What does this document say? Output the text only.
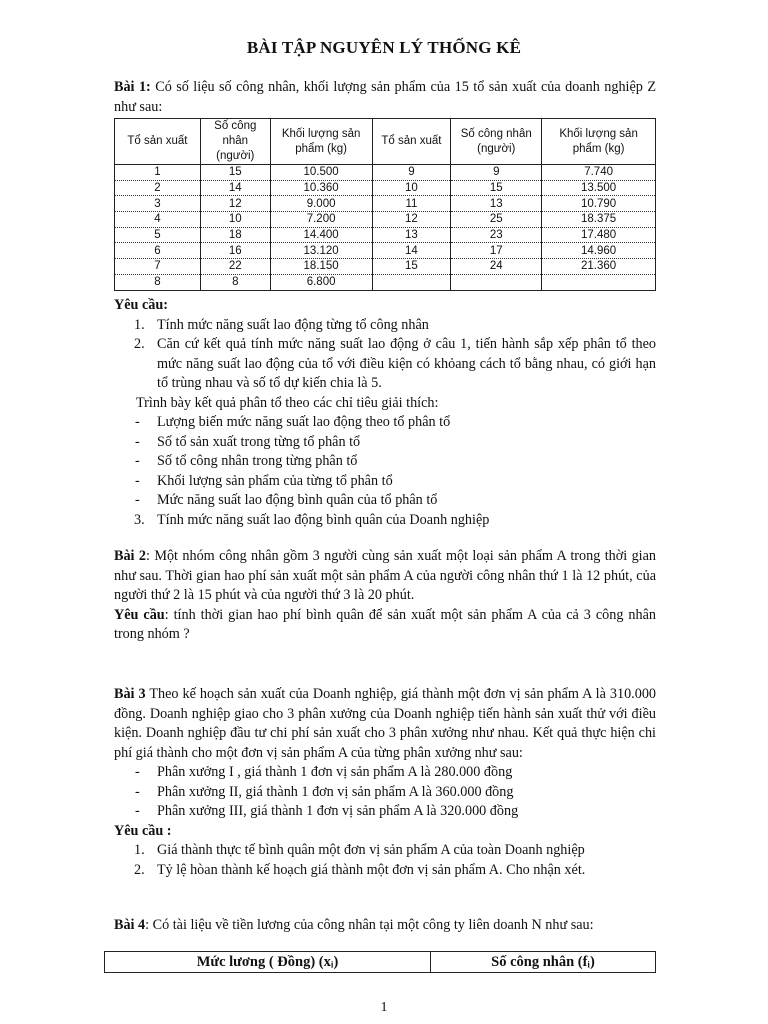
BÀI TẬP NGUYÊN LÝ THỐNG KÊ

Bài 1: Có số liệu số công nhân, khối lượng sản phẩm của 15 tổ sản xuất của doanh nghiệp Z như sau:

Tổ sản xuất	Số công nhân (người)	Khối lượng sản phẩm (kg)	Tổ sản xuất	Số công nhân (người)	Khối lượng sản phẩm (kg)
1	15	10.500	9	9	7.740
2	14	10.360	10	15	13.500
3	12	9.000	11	13	10.790
4	10	7.200	12	25	18.375
5	18	14.400	13	23	17.480
6	16	13.120	14	17	14.960
7	22	18.150	15	24	21.360
8	8	6.800			

Yêu cầu:

1. Tính mức năng suất lao động từng tổ công nhân
2. Căn cứ kết quả tính mức năng suất lao động ở câu 1, tiến hành sắp xếp phân tổ theo mức năng suất lao động của tổ với điều kiện có khỏang cách tổ bằng nhau, có giới hạn tổ trùng nhau và số tổ dự kiến chia là 5.
Trình bày kết quả phân tổ theo các chỉ tiêu giải thích:
- Lượng biến mức năng suất lao động theo tổ phân tổ
- Số tổ sản xuất trong từng tổ phân tổ
- Số tổ công nhân trong từng phân tổ
- Khối lượng sản phẩm của từng tổ phân tổ
- Mức năng suất lao động bình quân của tổ phân tổ
3. Tính mức năng suất lao động bình quân của Doanh nghiệp

Bài 2: Một nhóm công nhân gồm 3 người cùng sản xuất một loại sản phẩm A trong thời gian như sau. Thời gian hao phí sản xuất một sản phẩm A của người công nhân thứ 1 là 12 phút, của người thứ 2 là 15 phút và của người thứ 3 là 20 phút.

Yêu cầu: tính thời gian hao phí bình quân để sản xuất một sản phẩm A của cả 3 công nhân trong nhóm ?

Bài 3 Theo kế hoạch sản xuất của Doanh nghiệp, giá thành một đơn vị sản phẩm A là 310.000 đồng. Doanh nghiệp giao cho 3 phân xưởng của Doanh nghiệp tiến hành sản xuất thử với điều kiện. Doanh nghiệp đầu tư chi phí sản xuất cho 3 phân xưởng như nhau. Kết quả thực hiện chi phí giá thành cho một đơn vị sản phẩm A của từng phân xưởng như sau:

- Phân xưởng I , giá thành 1 đơn vị sản phẩm A là 280.000 đồng
- Phân xưởng II, giá thành 1 đơn vị sản phẩm A là 360.000 đồng
- Phân xưởng III, giá thành 1 đơn vị sản phẩm A là 320.000 đồng

Yêu cầu :

1. Giá thành thực tế bình quân một đơn vị sản phẩm A của toàn Doanh nghiệp
2. Tỷ lệ hòan thành kế hoạch giá thành một đơn vị sản phẩm A. Cho nhận xét.

Bài 4: Có tài liệu về tiền lương của công nhân tại một công ty liên doanh N như sau:

Mức lương ( Đồng) (xᵢ)	Số công nhân (fᵢ)
1
